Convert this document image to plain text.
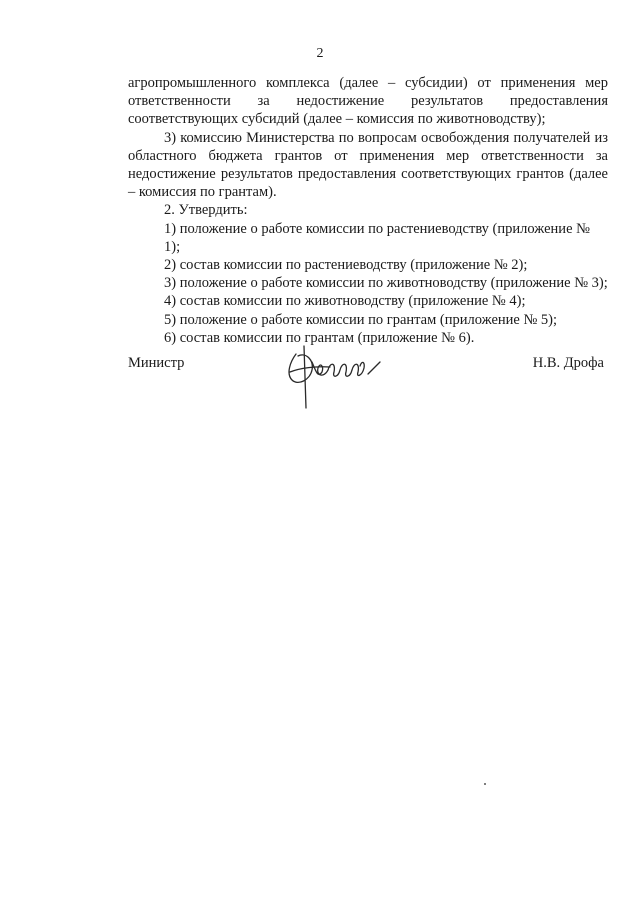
2

агропромышленного комплекса (далее – субсидии) от применения мер ответственности за недостижение результатов предоставления соответствующих субсидий (далее – комиссия по животноводству);

3) комиссию Министерства по вопросам освобождения получателей из областного бюджета грантов от применения мер ответственности за недостижение результатов предоставления соответствующих грантов (далее – комиссия по грантам).

2. Утвердить:

1) положение о работе комиссии по растениеводству (приложение № 1);
2) состав комиссии по растениеводству (приложение № 2);
3) положение о работе комиссии по животноводству (приложение № 3);
4) состав комиссии по животноводству (приложение № 4);
5) положение о работе комиссии по грантам (приложение № 5);
6) состав комиссии по грантам (приложение № 6).
Министр	Н.В. Дрофа
